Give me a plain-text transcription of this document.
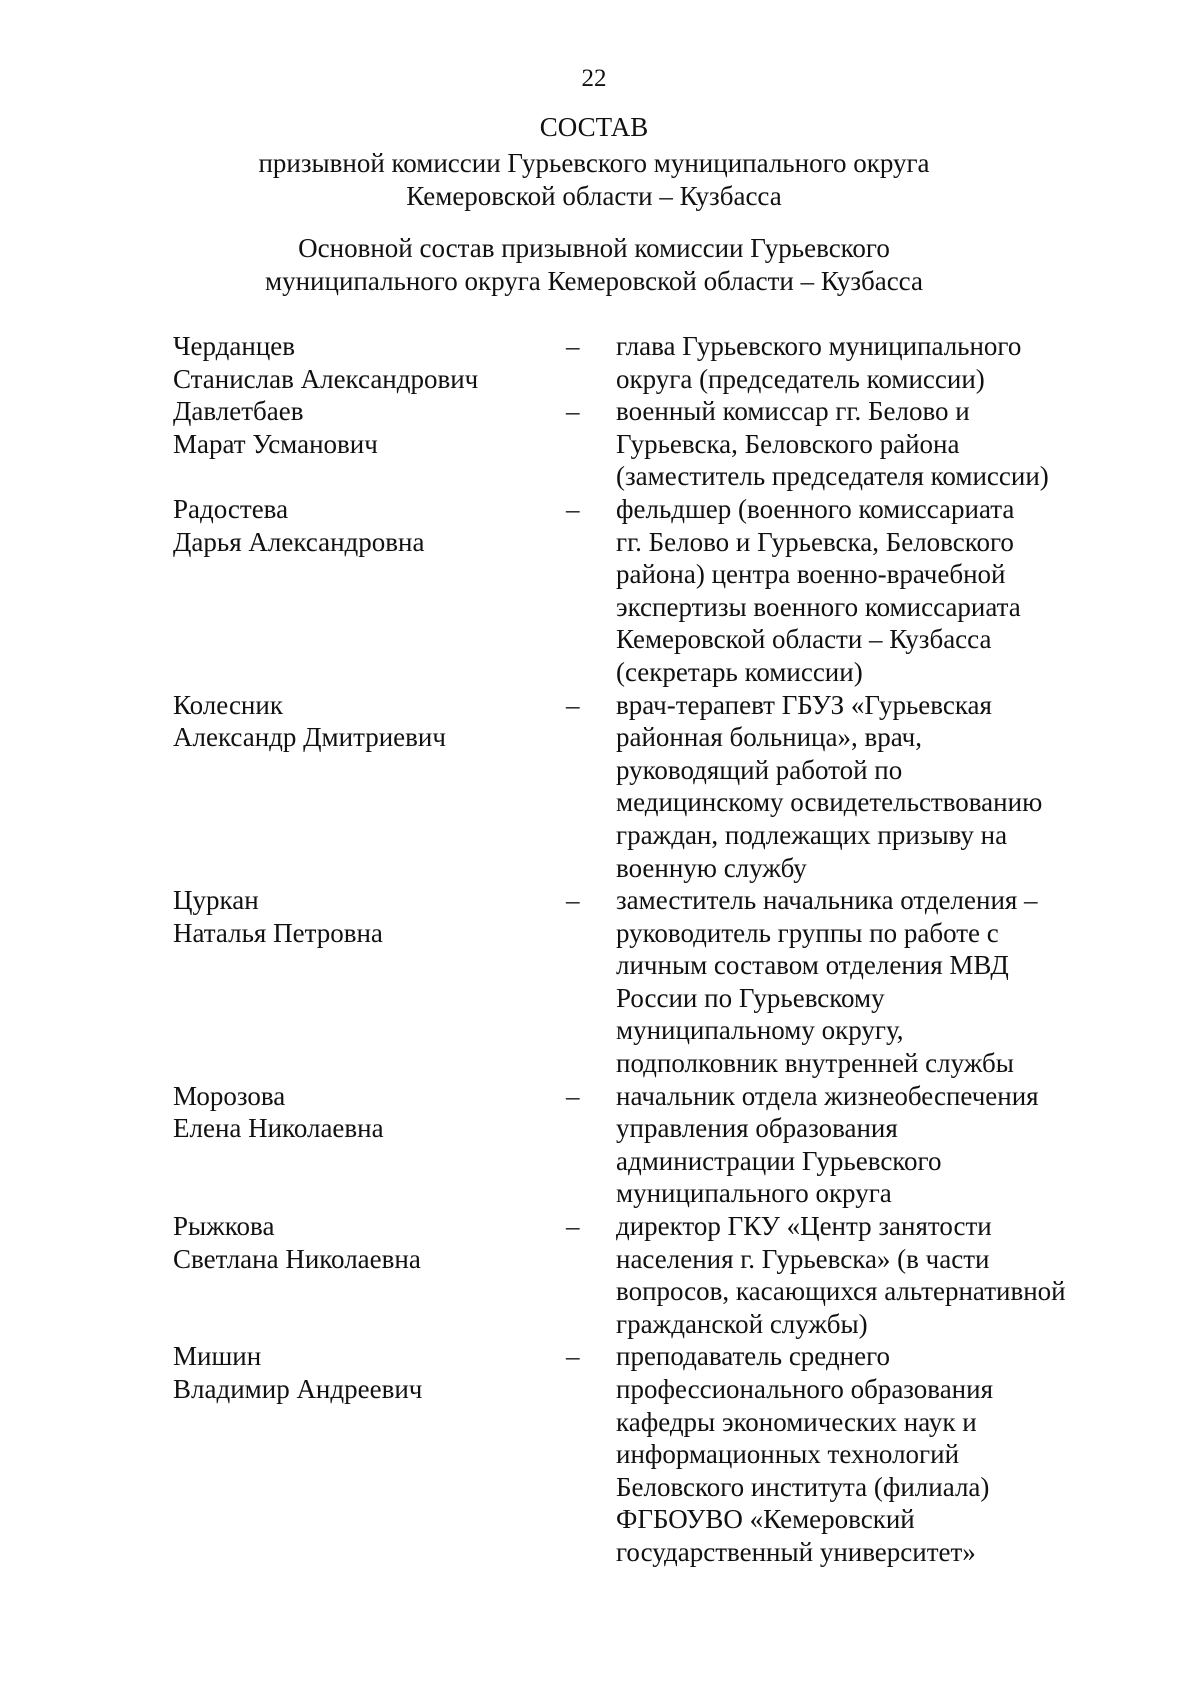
22
СОСТАВ
призывной комиссии Гурьевского муниципального округа
Кемеровской области – Кузбасса
Основной состав призывной комиссии Гурьевского
муниципального округа Кемеровской области – Кузбасса
Черданцев
Станислав Александрович
–	глава Гурьевского муниципального
округа (председатель комиссии)
Давлетбаев
Марат Усманович
–	военный комиссар гг. Белово и
Гурьевска, Беловского района
(заместитель председателя комиссии)
Радостева
Дарья Александровна
–	фельдшер (военного комиссариата
гг. Белово и Гурьевска, Беловского
района) центра военно-врачебной
экспертизы военного комиссариата
Кемеровской области – Кузбасса
(секретарь комиссии)
Колесник
Александр Дмитриевич
–	врач-терапевт ГБУЗ «Гурьевская
районная больница», врач,
руководящий работой по
медицинскому освидетельствованию
граждан, подлежащих призыву на
военную службу
Цуркан
Наталья Петровна
–	заместитель начальника отделения –
руководитель группы по работе с
личным составом отделения МВД
России по Гурьевскому
муниципальному округу,
подполковник внутренней службы
Морозова
Елена Николаевна
–	начальник отдела жизнеобеспечения
управления образования
администрации Гурьевского
муниципального округа
Рыжкова
Светлана Николаевна
–	директор ГКУ «Центр занятости
населения г. Гурьевска» (в части
вопросов, касающихся альтернативной
гражданской службы)
Мишин
Владимир Андреевич
–	преподаватель среднего
профессионального образования
кафедры экономических наук и
информационных технологий
Беловского института (филиала)
ФГБОУВО «Кемеровский
государственный университет»
